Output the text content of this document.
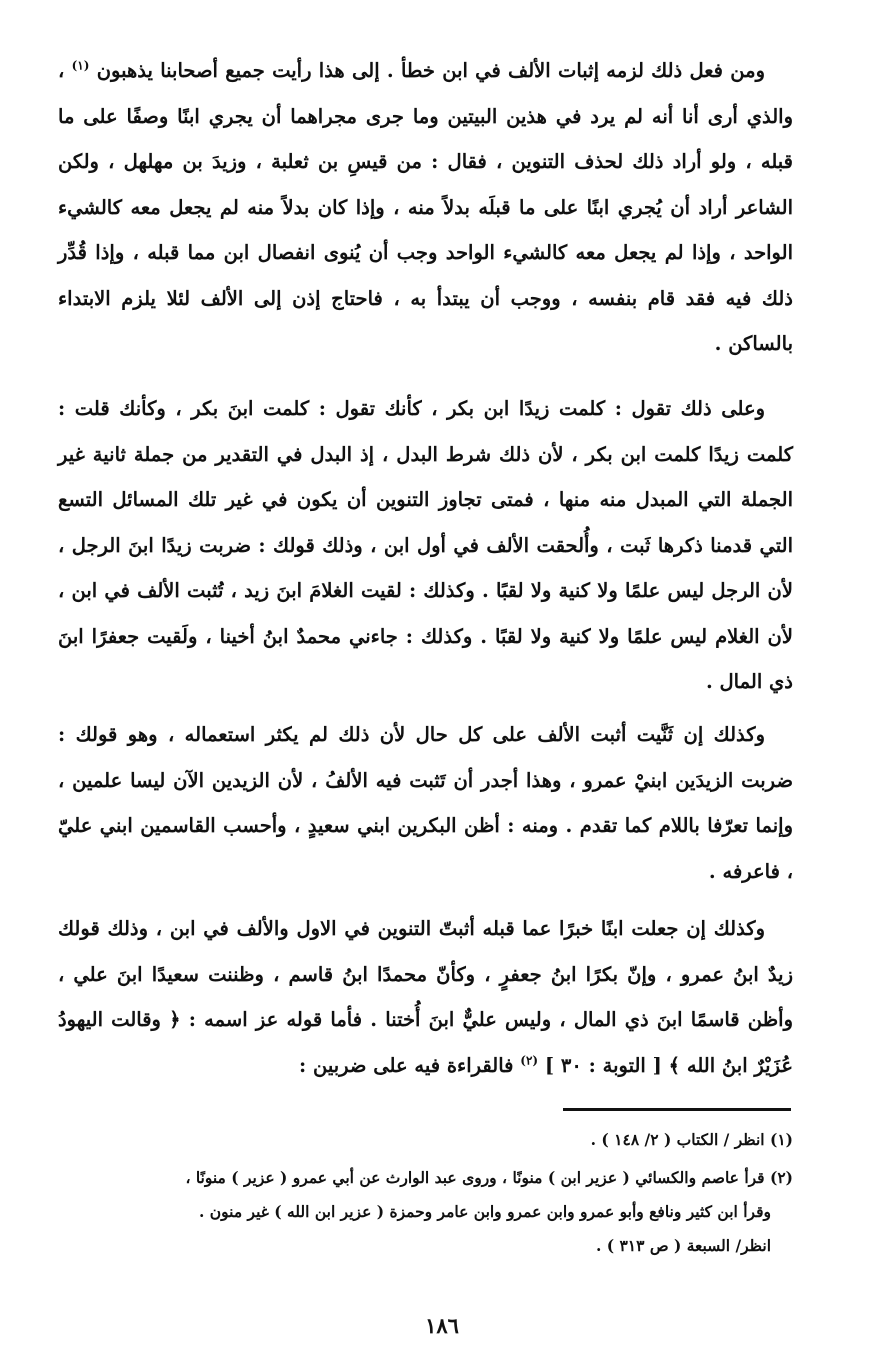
ومن فعل ذلك لزمه إثبات الألف في ابن خطأ . إلى هذا رأيت جميع أصحابنا يذهبون $^{(١)}$ ، والذي أرى أنا أنه لم يرد في هذين البيتين وما جرى مجراهما أن يجري ابنًا وصفًا على ما قبله ، ولو أراد ذلك لحذف التنوين ، فقال : من قيسِ بن ثعلبة ، وزيدَ بن مهلهل ، ولكن الشاعر أراد أن يُجري ابنًا على ما قبلَه بدلاً منه ، وإذا كان بدلاً منه لم يجعل معه كالشيء الواحد ، وإذا لم يجعل معه كالشيء الواحد وجب أن يُنوى انفصال ابن مما قبله ، وإذا قُدِّر ذلك فيه فقد قام بنفسه ، ووجب أن يبتدأ به ، فاحتاج إذن إلى الألف لئلا يلزم الابتداء بالساكن .

وعلى ذلك تقول : كلمت زيدًا ابن بكر ، كأنك تقول : كلمت ابنَ بكر ، وكأنك قلت : كلمت زيدًا كلمت ابن بكر ، لأن ذلك شرط البدل ، إذ البدل في التقدير من جملة ثانية غير الجملة التي المبدل منه منها ، فمتى تجاوز التنوين أن يكون في غير تلك المسائل التسع التي قدمنا ذكرها ثَبت ، وأُلحقت الألف في أول ابن ، وذلك قولك : ضربت زيدًا ابنَ الرجل ، لأن الرجل ليس علمًا ولا كنية ولا لقبًا . وكذلك : لقيت الغلامَ ابنَ زيد ، تُثبت الألف في ابن ، لأن الغلام ليس علمًا ولا كنية ولا لقبًا . وكذلك : جاءني محمدٌ ابنُ أخينا ، ولَقيت جعفرًا ابنَ ذي المال .

وكذلك إن ثَنَّيت أثبت الألف على كل حال لأن ذلك لم يكثر استعماله ، وهو قولك : ضربت الزيدَين ابنيْ عمرو ، وهذا أجدر أن تَثبت فيه الألفُ ، لأن الزيدين الآن ليسا علمين ، وإنما تعرّفا باللام كما تقدم . ومنه : أظن البكرين ابني سعيدٍ ، وأحسب القاسمين ابني عليّ ، فاعرفه .

وكذلك إن جعلت ابنًا خبرًا عما قبله أثبتّ التنوين في الاول والألف في ابن ، وذلك قولك زيدٌ ابنُ عمرو ، وإنّ بكرًا ابنُ جعفرٍ ، وكأنّ محمدًا ابنُ قاسم ، وظننت سعيدًا ابنَ علي ، وأظن قاسمًا ابنَ ذي المال ، وليس عليٌّ ابنَ أُختنا . فأما قوله عز اسمه : ﴿ وقالت اليهودُ عُزَيْرٌ ابنُ الله ﴾ [ التوبة : ٣٠ ] $^{(٢)}$ فالقراءة فيه على ضربين :

(١) انظر / الكتاب ( ٢/ ١٤٨ ) .

(٢) قرأ عاصم والكسائي ( عزير ابن ) منونًا ، وروى عبد الوارث عن أبي عمرو ( عزير ) منونًا ،

وقرأ ابن كثير ونافع وأبو عمرو وابن عمرو وابن عامر وحمزة ( عزير ابن الله ) غير منون .

انظر/ السبعة ( ص ٣١٣ ) .

١٨٦
